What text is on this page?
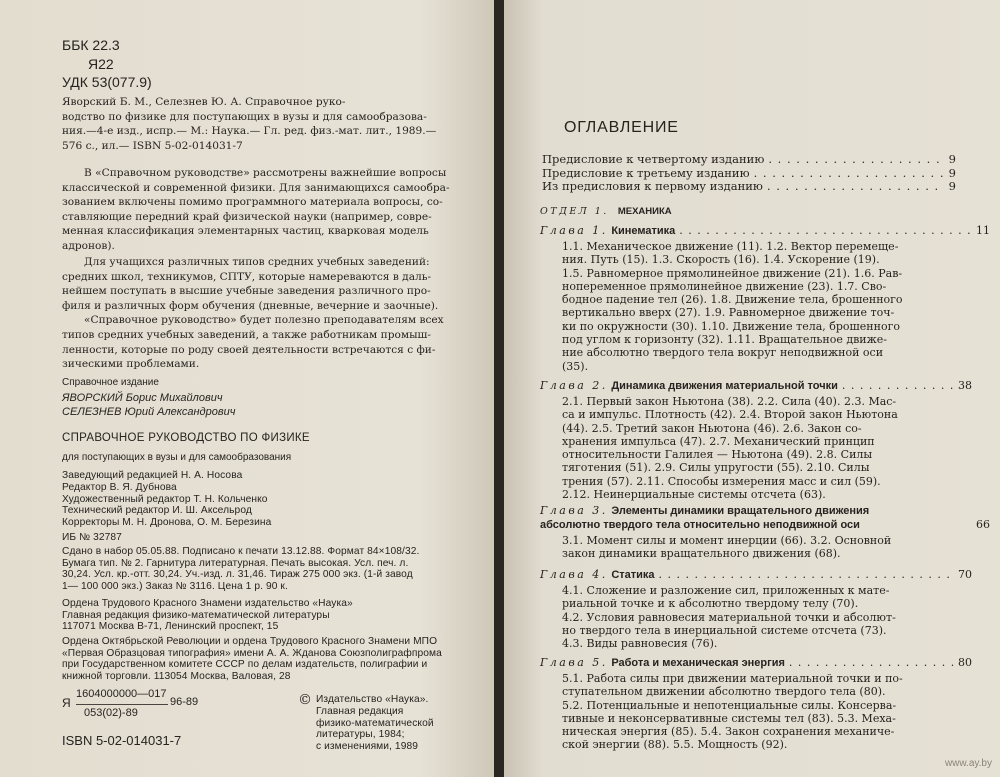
ББК 22.3
Я22
УДК 53(077.9)
Яворский Б. М., Селезнев Ю. А. Справочное руко-
водство по физике для поступающих в вузы и для самообразова-
ния.—4-е изд., испр.— М.: Наука.— Гл. ред. физ.-мат. лит., 1989.—
576 с., ил.— ISBN 5-02-014031-7
В «Справочном руководстве» рассмотрены важнейшие вопросы
классической и современной физики. Для занимающихся самообра-
зованием включены помимо программного материала вопросы, со-
ставляющие передний край физической науки (например, совре-
менная классификация элементарных частиц, кварковая модель
адронов).
Для учащихся различных типов средних учебных заведений:
средних школ, техникумов, СПТУ, которые намереваются в даль-
нейшем поступать в высшие учебные заведения различного про-
филя и различных форм обучения (дневные, вечерние и заочные).
«Справочное руководство» будет полезно преподавателям всех
типов средних учебных заведений, а также работникам промыш-
ленности, которые по роду своей деятельности встречаются с фи-
зическими проблемами.
Справочное издание
ЯВОРСКИЙ Борис Михайлович
СЕЛЕЗНЕВ Юрий Александрович
СПРАВОЧНОЕ РУКОВОДСТВО ПО ФИЗИКЕ
для поступающих в вузы и для самообразования
Заведующий редакцией Н. А. Носова
Редактор В. Я. Дубнова
Художественный редактор Т. Н. Кольченко
Технический редактор И. Ш. Аксельрод
Корректоры М. Н. Дронова, О. М. Березина
ИБ № 32787
Сдано в набор 05.05.88. Подписано к печати 13.12.88. Формат 84×108/32.
Бумага тип. № 2. Гарнитура литературная. Печать высокая. Усл. печ. л.
30,24. Усл. кр.-отт. 30,24. Уч.-изд. л. 31,46. Тираж 275 000 экз. (1-й завод
1— 100 000 экз.) Заказ № 3116. Цена 1 р. 90 к.
Ордена Трудового Красного Знамени издательство «Наука»
Главная редакция физико-математической литературы
117071 Москва В-71, Ленинский проспект, 15
Ордена Октябрьской Революции и ордена Трудового Красного Знамени МПО
«Первая Образцовая типография» имени А. А. Жданова Союзполиграфпрома
при Государственном комитете СССР по делам издательств, полиграфии и
книжной торговли. 113054 Москва, Валовая, 28
Я
1604000000—017
053(02)-89
96-89
ISBN 5-02-014031-7
© Издательство «Наука».
Главная редакция
физико-математической
литературы, 1984;
с изменениями, 1989
ОГЛАВЛЕНИЕ
Предисловие к четвертому изданию . . .	9
Предисловие к третьему изданию . . .	9
Из предисловия к первому изданию . . .	9
ОТДЕЛ 1. МЕХАНИКА
Глава 1. Кинематика . . .	11
1.1. Механическое движение (11). 1.2. Вектор перемеще-
ния. Путь (15). 1.3. Скорость (16). 1.4. Ускорение (19).
1.5. Равномерное прямолинейное движение (21). 1.6. Рав-
нопеременное прямолинейное движение (23). 1.7. Сво-
бодное падение тел (26). 1.8. Движение тела, брошенного
вертикально вверх (27). 1.9. Равномерное движение точ-
ки по окружности (30). 1.10. Движение тела, брошенного
под углом к горизонту (32). 1.11. Вращательное движе-
ние абсолютно твердого тела вокруг неподвижной оси
(35).
Глава 2. Динамика движения материальной точки . . .	38
2.1. Первый закон Ньютона (38). 2.2. Сила (40). 2.3. Мас-
са и импульс. Плотность (42). 2.4. Второй закон Ньютона
(44). 2.5. Третий закон Ньютона (46). 2.6. Закон со-
хранения импульса (47). 2.7. Механический принцип
относительности Галилея — Ньютона (49). 2.8. Силы
тяготения (51). 2.9. Силы упругости (55). 2.10. Силы
трения (57). 2.11. Способы измерения масс и сил (59).
2.12. Неинерциальные системы отсчета (63).
Глава 3. Элементы динамики вращательного движения
абсолютно твердого тела относительно неподвижной оси	66
3.1. Момент силы и момент инерции (66). 3.2. Основной
закон динамики вращательного движения (68).
Глава 4. Статика . . .	70
4.1. Сложение и разложение сил, приложенных к мате-
риальной точке и к абсолютно твердому телу (70).
4.2. Условия равновесия материальной точки и абсолют-
но твердого тела в инерциальной системе отсчета (73).
4.3. Виды равновесия (76).
Глава 5. Работа и механическая энергия . . .	80
5.1. Работа силы при движении материальной точки и по-
ступательном движении абсолютно твердого тела (80).
5.2. Потенциальные и непотенциальные силы. Консерва-
тивные и неконсервативные системы тел (83). 5.3. Меха-
ническая энергия (85). 5.4. Закон сохранения механиче-
ской энергии (88). 5.5. Мощность (92).
www.ay.by
